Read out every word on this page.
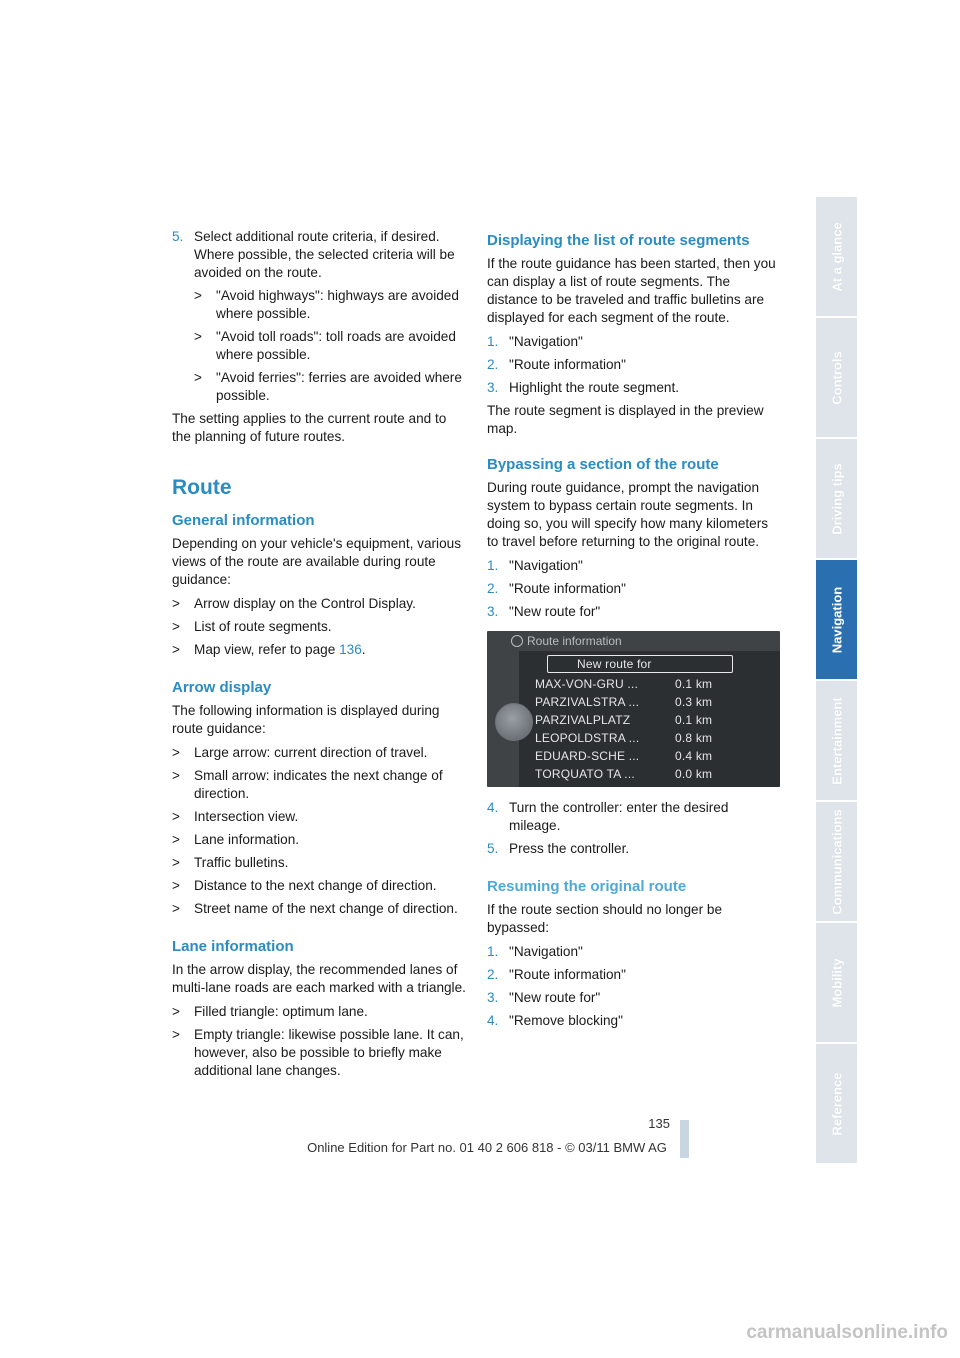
5. Select additional route criteria, if desired. Where possible, the selected criteria will be avoided on the route.
>	"Avoid highways": highways are avoided where possible.
>	"Avoid toll roads": toll roads are avoided where possible.
>	"Avoid ferries": ferries are avoided where possible.

The setting applies to the current route and to the planning of future routes.

Route
General information

Depending on your vehicle's equipment, various views of the route are available during route guidance:

>	Arrow display on the Control Display.
>	List of route segments.
>	Map view, refer to page 136.
Arrow display

The following information is displayed during route guidance:

>	Large arrow: current direction of travel.
>	Small arrow: indicates the next change of direction.
>	Intersection view.
>	Lane information.
>	Traffic bulletins.
>	Distance to the next change of direction.
>	Street name of the next change of direction.
Lane information

In the arrow display, the recommended lanes of multi-lane roads are each marked with a triangle.

>	Filled triangle: optimum lane.
>	Empty triangle: likewise possible lane. It can, however, also be possible to briefly make additional lane changes.
Displaying the list of route segments

If the route guidance has been started, then you can display a list of route segments. The distance to be traveled and traffic bulletins are displayed for each segment of the route.

1. "Navigation"
2. "Route information"
3. Highlight the route segment.

The route segment is displayed in the preview map.

Bypassing a section of the route

During route guidance, prompt the navigation system to bypass certain route segments. In doing so, you will specify how many kilometers to travel before returning to the original route.

1. "Navigation"
2. "Route information"
3. "New route for"
Route information
New route for
MAX-VON-GRU ...	0.1 km
PARZIVALSTRA ...	0.3 km
PARZIVALPLATZ	0.1 km
LEOPOLDSTRA ...	0.8 km
EDUARD-SCHE ...	0.4 km
TORQUATO TA ...	0.0 km
4. Turn the controller: enter the desired mileage.
5. Press the controller.
Resuming the original route

If the route section should no longer be bypassed:

1. "Navigation"
2. "Route information"
3. "New route for"
4. "Remove blocking"
At a glance
Controls
Driving tips
Navigation
Entertainment
Communications
Mobility
Reference
135
Online Edition for Part no. 01 40 2 606 818 - © 03/11 BMW AG
carmanualsonline.info
